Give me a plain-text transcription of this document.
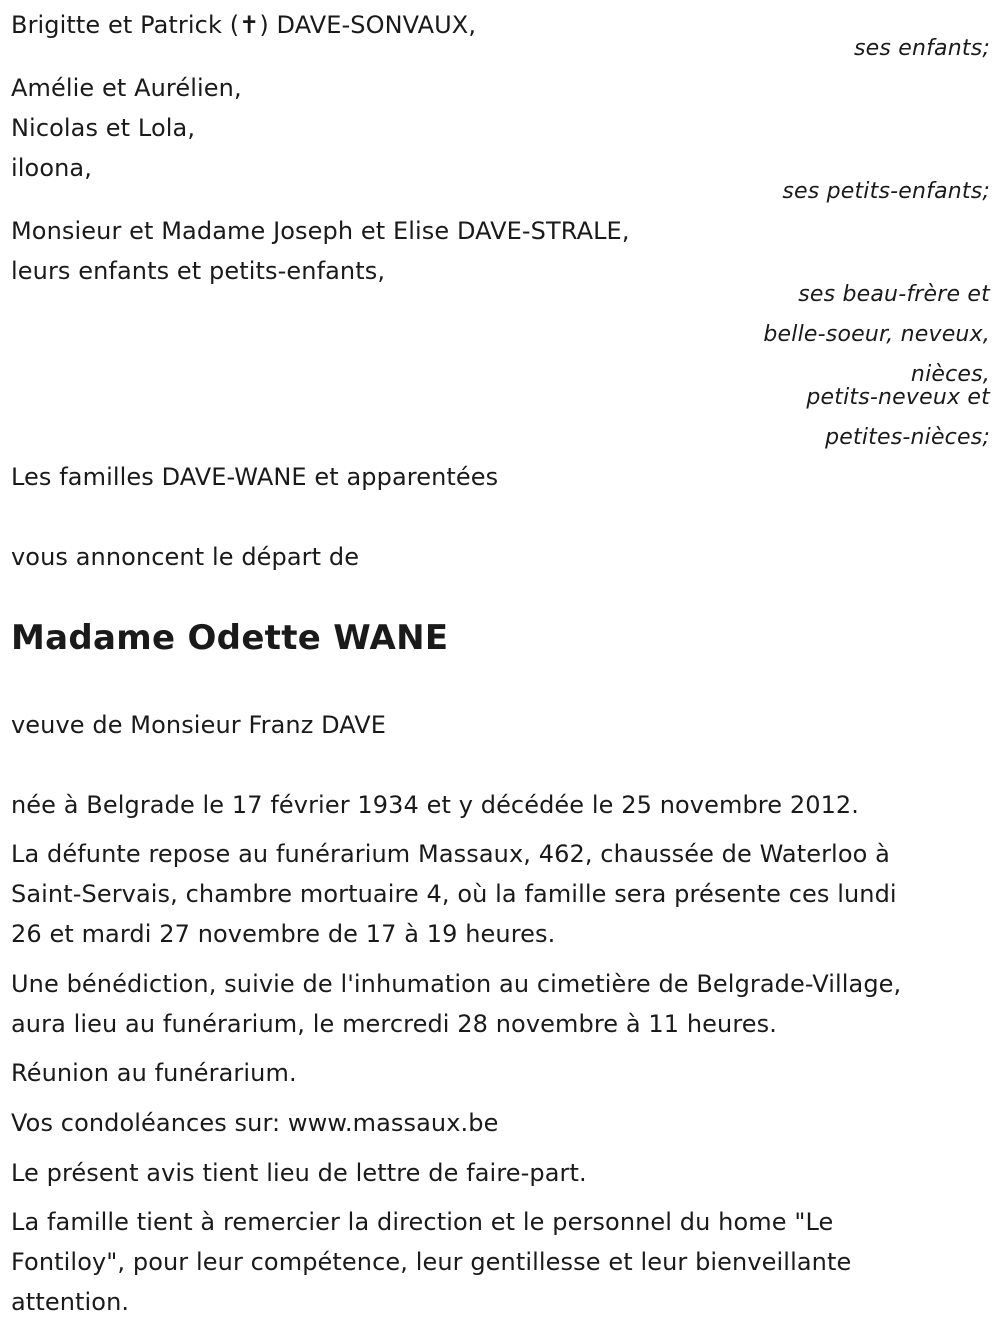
Brigitte et Patrick (✝) DAVE-SONVAUX,
ses enfants;
Amélie et Aurélien,
Nicolas et Lola,
iloona,
ses petits-enfants;
Monsieur et Madame Joseph et Elise DAVE-STRALE,
leurs enfants et petits-enfants,
ses beau-frère et
belle-soeur, neveux,
nièces,
petits-neveux et
petites-nièces;
Les familles DAVE-WANE et apparentées
vous annoncent le départ de
Madame Odette WANE
veuve de Monsieur Franz DAVE
née à Belgrade le 17 février 1934 et y décédée le 25 novembre 2012.
La défunte repose au funérarium Massaux, 462, chaussée de Waterloo à
Saint-Servais, chambre mortuaire 4, où la famille sera présente ces lundi
26 et mardi 27 novembre de 17 à 19 heures.
Une bénédiction, suivie de l'inhumation au cimetière de Belgrade-Village,
aura lieu au funérarium, le mercredi 28 novembre à 11 heures.
Réunion au funérarium.
Vos condoléances sur: www.massaux.be
Le présent avis tient lieu de lettre de faire-part.
La famille tient à remercier la direction et le personnel du home "Le
Fontiloy", pour leur compétence, leur gentillesse et leur bienveillante
attention.
